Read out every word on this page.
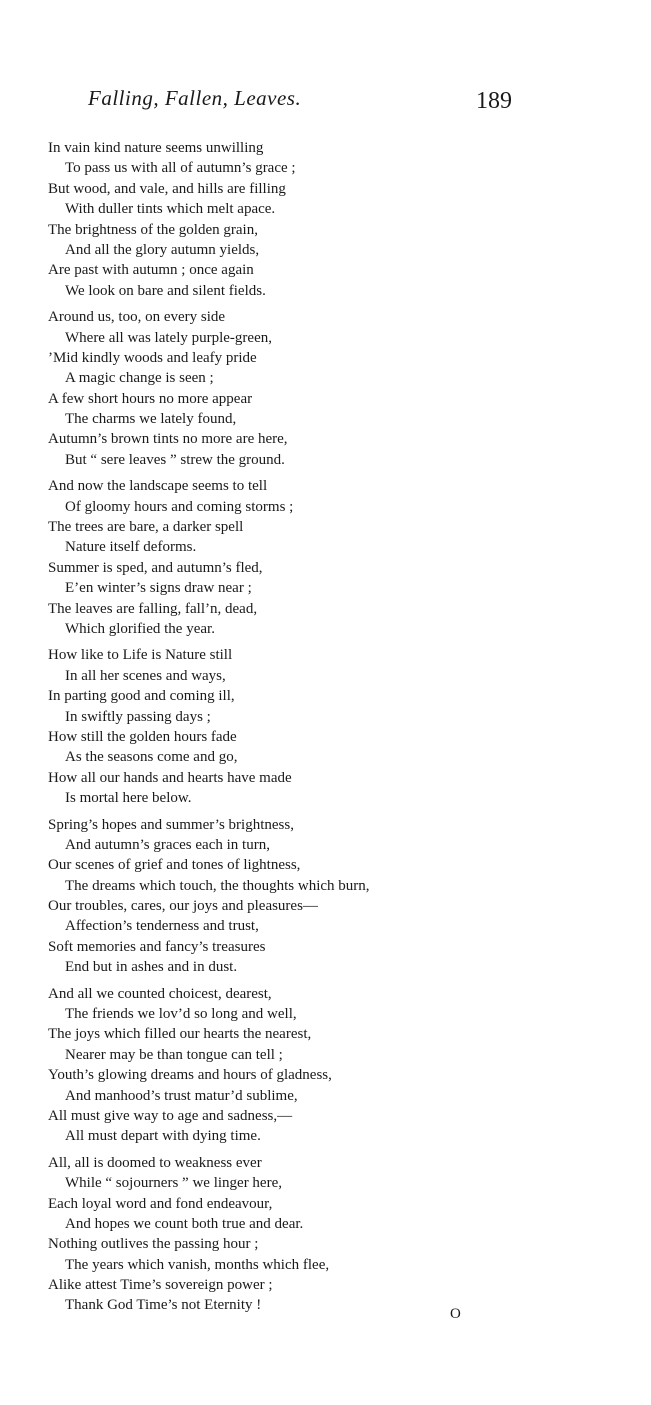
Falling, Fallen, Leaves.	189
In vain kind nature seems unwilling
To pass us with all of autumn’s grace ;
But wood, and vale, and hills are filling
With duller tints which melt apace.
The brightness of the golden grain,
And all the glory autumn yields,
Are past with autumn ; once again
We look on bare and silent fields.
Around us, too, on every side
Where all was lately purple-green,
’Mid kindly woods and leafy pride
A magic change is seen ;
A few short hours no more appear
The charms we lately found,
Autumn’s brown tints no more are here,
But “ sere leaves ” strew the ground.
And now the landscape seems to tell
Of gloomy hours and coming storms ;
The trees are bare, a darker spell
Nature itself deforms.
Summer is sped, and autumn’s fled,
E’en winter’s signs draw near ;
The leaves are falling, fall’n, dead,
Which glorified the year.
How like to Life is Nature still
In all her scenes and ways,
In parting good and coming ill,
In swiftly passing days ;
How still the golden hours fade
As the seasons come and go,
How all our hands and hearts have made
Is mortal here below.
Spring’s hopes and summer’s brightness,
And autumn’s graces each in turn,
Our scenes of grief and tones of lightness,
The dreams which touch, the thoughts which burn,
Our troubles, cares, our joys and pleasures—
Affection’s tenderness and trust,
Soft memories and fancy’s treasures
End but in ashes and in dust.
And all we counted choicest, dearest,
The friends we lov’d so long and well,
The joys which filled our hearts the nearest,
Nearer may be than tongue can tell ;
Youth’s glowing dreams and hours of gladness,
And manhood’s trust matur’d sublime,
All must give way to age and sadness,—
All must depart with dying time.
All, all is doomed to weakness ever
While “ sojourners ” we linger here,
Each loyal word and fond endeavour,
And hopes we count both true and dear.
Nothing outlives the passing hour ;
The years which vanish, months which flee,
Alike attest Time’s sovereign power ;
Thank God Time’s not Eternity !
O
